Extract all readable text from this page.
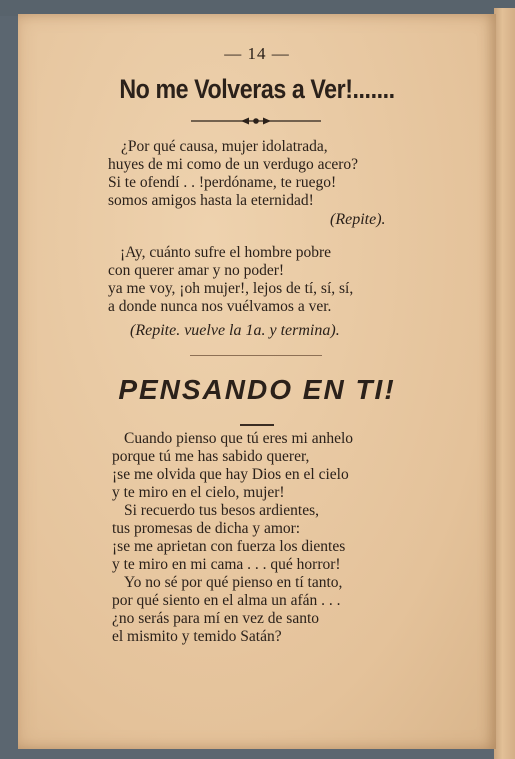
— 14 —
No me Volveras a Ver!.......
¿Por qué causa, mujer idolatrada,
huyes de mi como de un verdugo acero?
Si te ofendí . . !perdóname, te ruego!
somos amigos hasta la eternidad!
(Repite).
¡Ay, cuánto sufre el hombre pobre
con querer amar y no poder!
ya me voy, ¡oh mujer!, lejos de tí, sí, sí,
a donde nunca nos vuélvamos a ver.
(Repite. vuelve la 1a. y termina).
PENSANDO EN TI!
Cuando pienso que tú eres mi anhelo
porque tú me has sabido querer,
¡se me olvida que hay Dios en el cielo
y te miro en el cielo, mujer!
Si recuerdo tus besos ardientes,
tus promesas de dicha y amor:
¡se me aprietan con fuerza los dientes
y te miro en mi cama . . . qué horror!
Yo no sé por qué pienso en tí tanto,
por qué siento en el alma un afán . . .
¿no serás para mí en vez de santo
el mismito y temido Satán?
